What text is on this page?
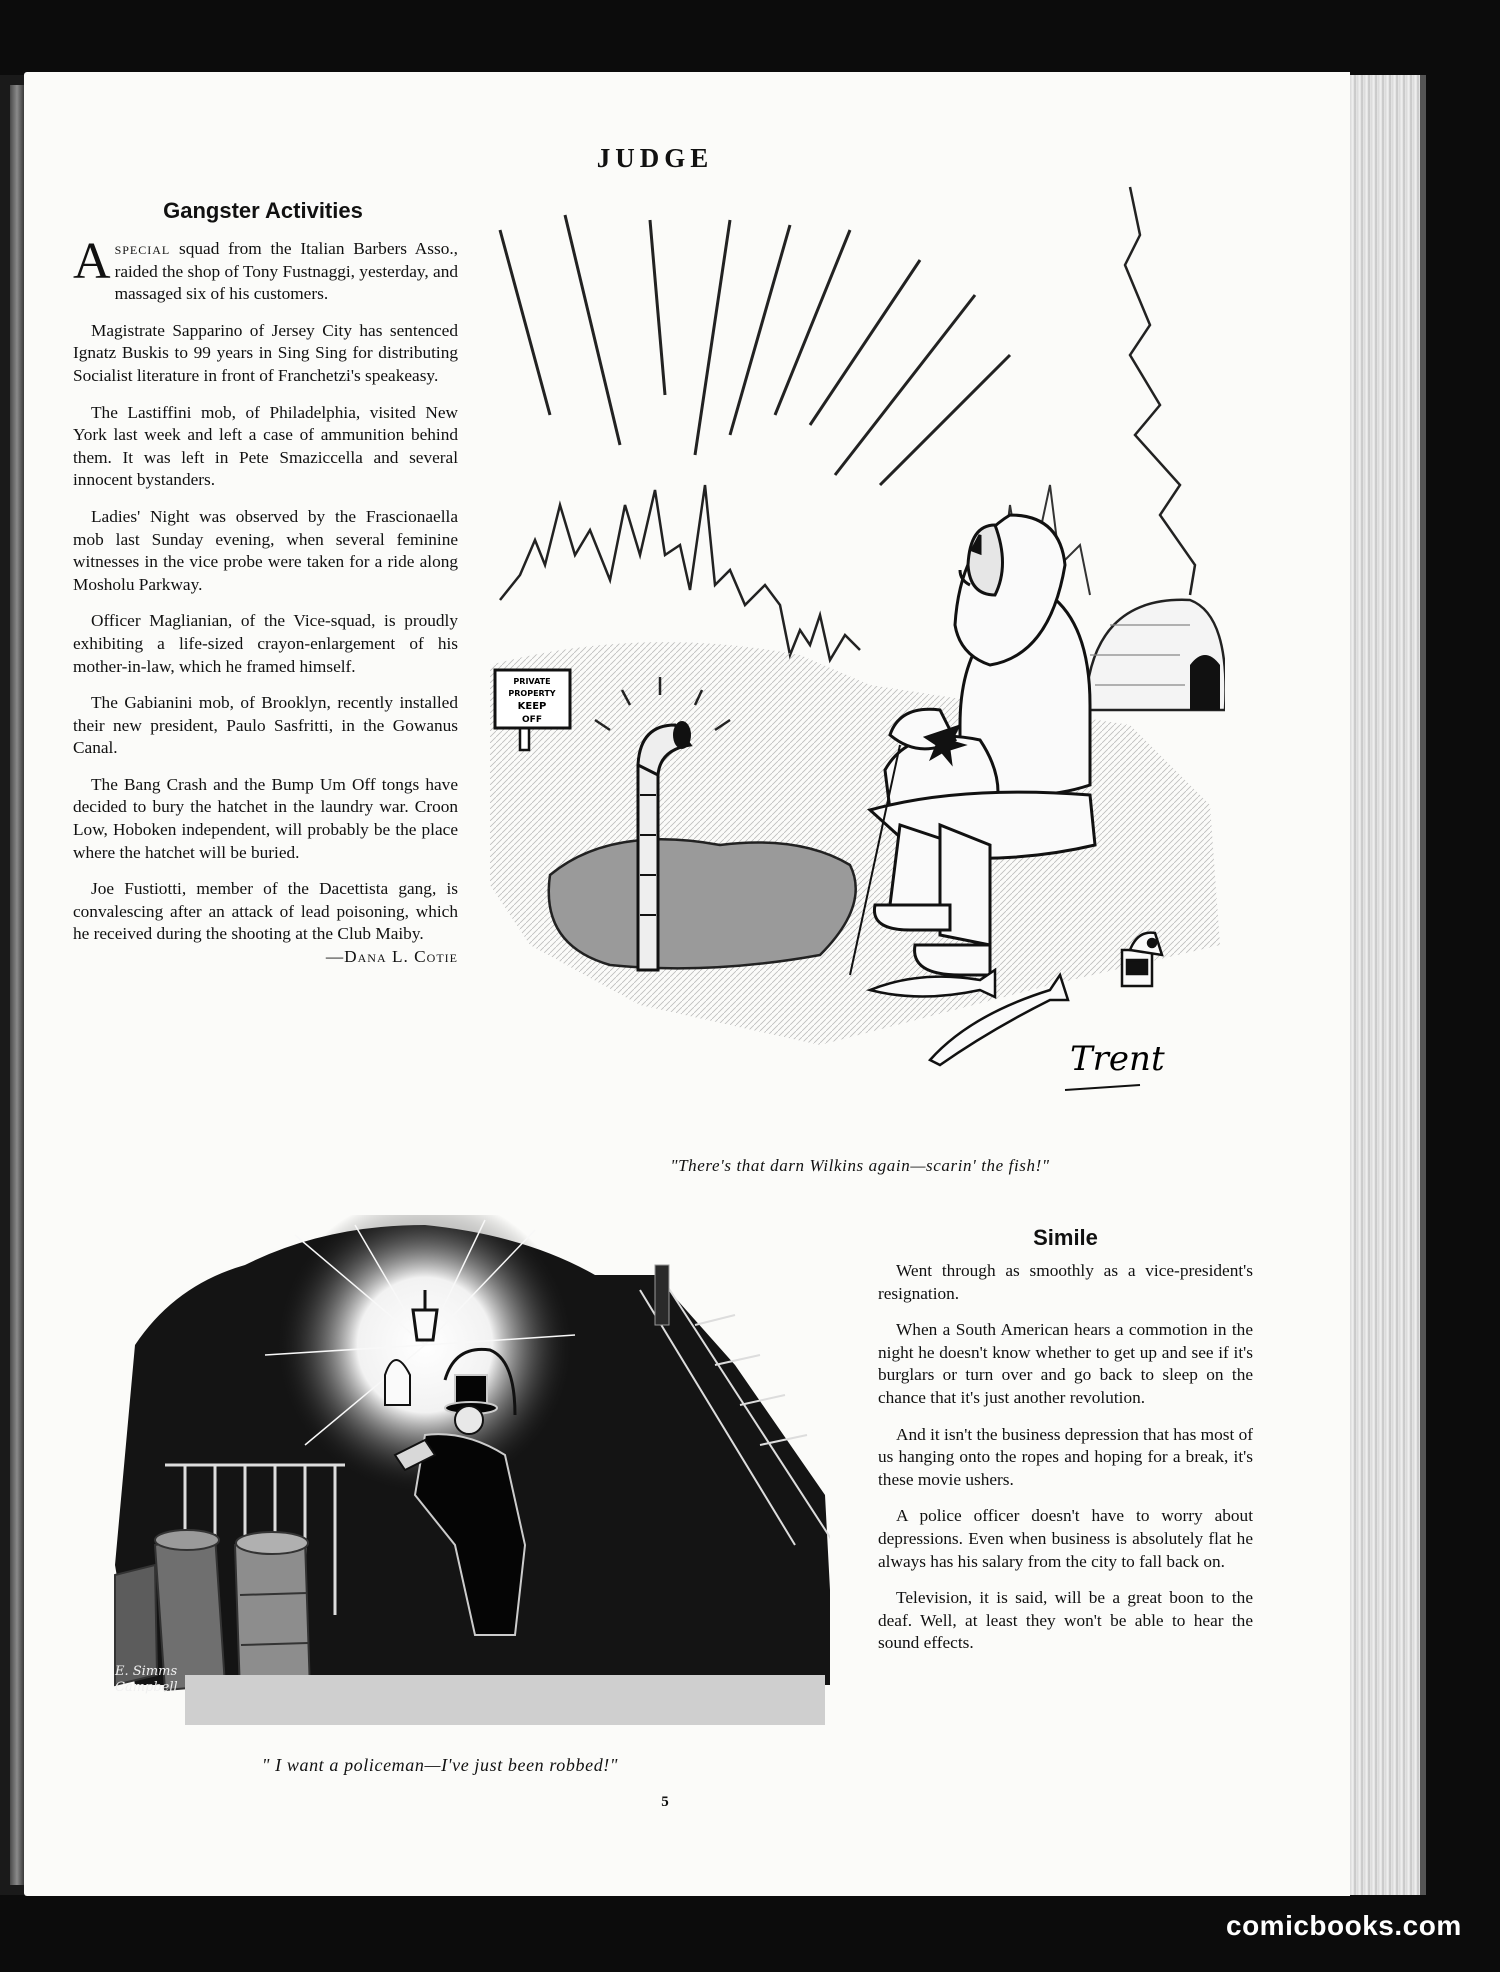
JUDGE
Gangster Activities

Aspecial squad from the Italian Barbers Asso., raided the shop of Tony Fustnaggi, yesterday, and massaged six of his customers.

Magistrate Sapparino of Jersey City has sentenced Ignatz Buskis to 99 years in Sing Sing for distributing Socialist literature in front of Franchetzi's speakeasy.

The Lastiffini mob, of Philadelphia, visited New York last week and left a case of ammunition behind them. It was left in Pete Smaziccella and several innocent bystanders.

Ladies' Night was observed by the Frascionaella mob last Sunday evening, when several feminine witnesses in the vice probe were taken for a ride along Mosholu Parkway.

Officer Maglianian, of the Vice-squad, is proudly exhibiting a life-sized crayon-enlargement of his mother-in-law, which he framed himself.

The Gabianini mob, of Brooklyn, recently installed their new president, Paulo Sasfritti, in the Gowanus Canal.

The Bang Crash and the Bump Um Off tongs have decided to bury the hatchet in the laundry war. Croon Low, Hoboken independent, will probably be the place where the hatchet will be buried.

Joe Fustiotti, member of the Dacettista gang, is convalescing after an attack of lead poisoning, which he received during the shooting at the Club Maiby.
—Dana L. Cotie

PRIVATE
PROPERTY
KEEP
OFF
Trent
"There's that darn Wilkins again—scarin' the fish!"
E. Simms
Campbell
" I want a policeman—I've just been robbed!"
Simile

Went through as smoothly as a vice-president's resignation.

When a South American hears a commotion in the night he doesn't know whether to get up and see if it's burglars or turn over and go back to sleep on the chance that it's just another revolution.

And it isn't the business depression that has most of us hanging onto the ropes and hoping for a break, it's these movie ushers.

A police officer doesn't have to worry about depressions. Even when business is absolutely flat he always has his salary from the city to fall back on.

Television, it is said, will be a great boon to the deaf. Well, at least they won't be able to hear the sound effects.

5
comicbooks.com
